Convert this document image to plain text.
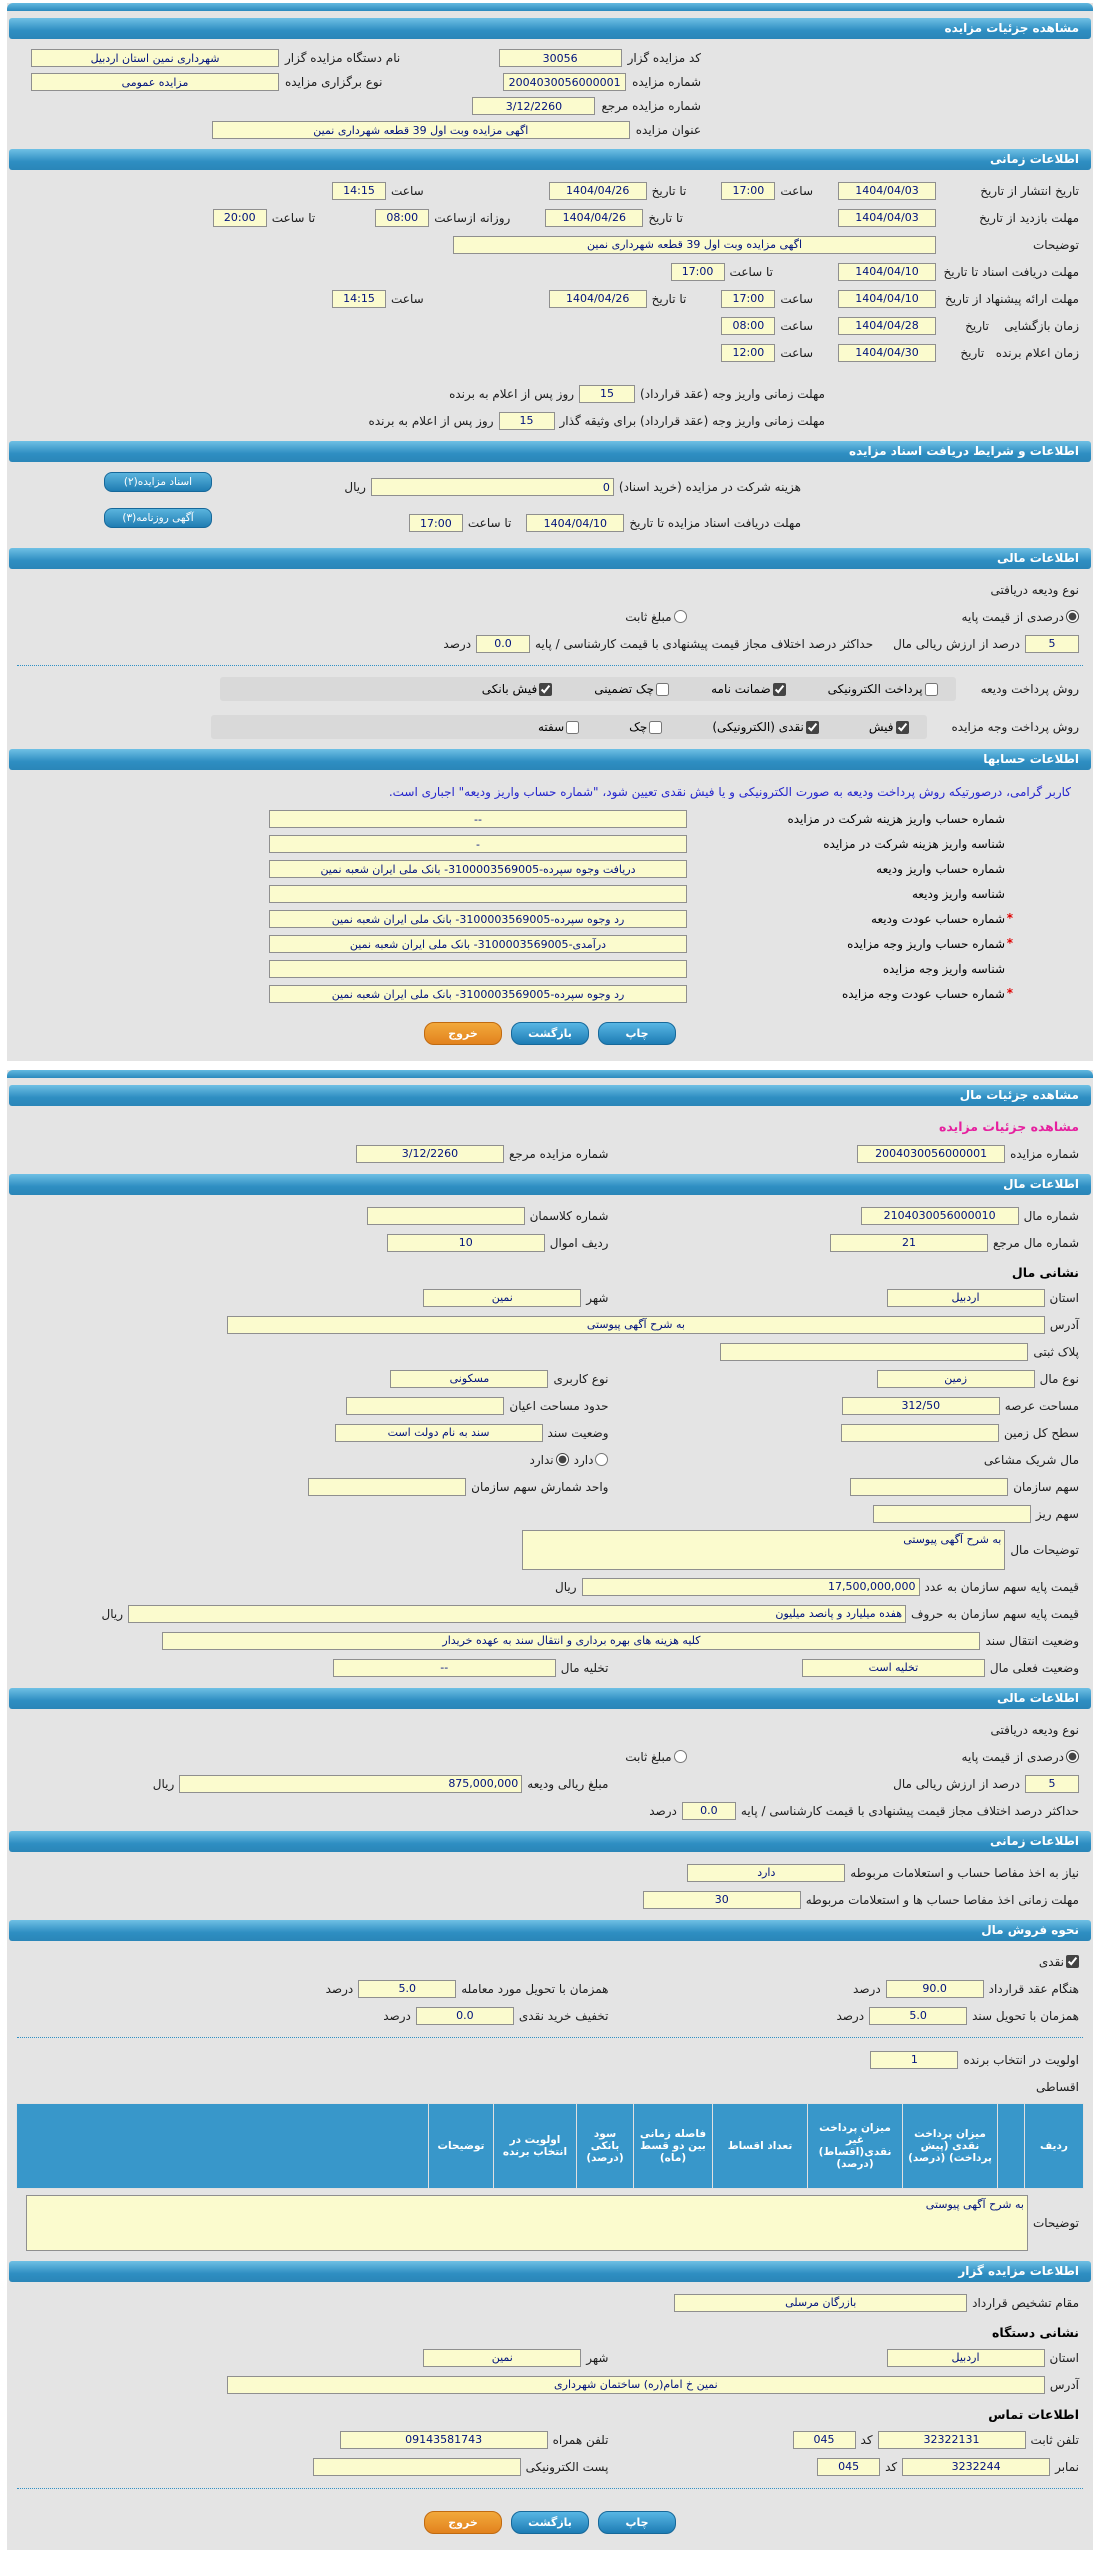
مشاهده جزئیات مزایده
کد مزایده گزار
30056
نام دستگاه مزایده گزار
شهرداری نمین استان اردبیل
شماره مزایده
2004030056000001
نوع برگزاری مزایده
مزایده عمومی
شماره مزایده مرجع
3/12/2260
عنوان مزایده
اگهی مزایده وبت اول 39 قطعه شهرداری نمین
اطلاعات زمانی
تاریخ انتشار از تاریخ
1404/04/03
ساعت
17:00
تا تاریخ
1404/04/26
ساعت
14:15
مهلت بازدید از تاریخ
1404/04/03
تا تاریخ
1404/04/26
روزانه ازساعت
08:00
تا ساعت
20:00
توضیحات
اگهی مزایده وبت اول 39 قطعه شهرداری نمین
مهلت دریافت اسناد تا تاریخ
1404/04/10
تا ساعت
17:00
مهلت ارائه پیشنهاد از تاریخ
1404/04/10
ساعت
17:00
تا تاریخ
1404/04/26
ساعت
14:15
زمان بازگشایی    تاریخ
1404/04/28
ساعت
08:00
زمان اعلام برنده   تاریخ
1404/04/30
ساعت
12:00
مهلت زمانی واریز وجه (عقد قرارداد)
15
روز پس از اعلام به برنده
مهلت زمانی واریز وجه (عقد قرارداد) برای وثیقه گذار
15
روز پس از اعلام به برنده
اطلاعات و شرایط دریافت اسناد مزایده
هزینه شرکت در مزایده (خرید اسناد)
0
ریال
اسناد مزایده(۲)
مهلت دریافت اسناد مزایده تا تاریخ
1404/04/10
تا ساعت
17:00
آگهی روزنامه(۳)
اطلاعات مالی
نوع ودیعه دریافتی
درصدی از قیمت پایه
مبلغ ثابت
5
درصد از ارزش ریالی مال
حداکثر درصد اختلاف مجاز قیمت پیشنهادی با قیمت کارشناسی / پایه
0.0
درصد
روش پرداخت ودیعه
پرداخت الکترونیکی
ضمانت نامه
چک تضمینی
فیش بانکی
روش پرداخت وجه مزایده
فیش
نقدی (الکترونیکی)
چک
سفته
اطلاعات حسابها
کاربر گرامی، درصورتیکه روش پرداخت ودیعه به صورت الکترونیکی و یا فیش نقدی تعیین شود، "شماره حساب واریز ودیعه" اجباری است.
شماره حساب واریز هزینه شرکت در مزایده
--
شناسه واریز هزینه شرکت در مزایده
-
شماره حساب واریز ودیعه
دریافت وجوه سپرده-3100003569005- بانک ملی ایران شعبه نمین
شناسه واریز ودیعه
*
شماره حساب عودت ودیعه
رد وجوه سپرده-3100003569005- بانک ملی ایران شعبه نمین
*
شماره حساب واریز وجه مزایده
درآمدی-3100003569005- بانک ملی ایران شعبه نمین
شناسه واریز وجه مزایده
*
شماره حساب عودت وجه مزایده
رد وجوه سپرده-3100003569005- بانک ملی ایران شعبه نمین
چاپ
بازگشت
خروج
مشاهده جزئیات مال
مشاهده جزئیات مزایده
شماره مزایده
2004030056000001
شماره مزایده مرجع
3/12/2260
اطلاعات مال
شماره مال
2104030056000010
شماره کلاسمان
شماره مال مرجع
21
ردیف اموال
10
نشانی مال
استان
اردبیل
شهر
نمین
آدرس
به شرح آگهی پیوستی
پلاک ثبتی
نوع مال
زمین
نوع کاربری
مسکونی
مساحت عرصه
312/50
حدود مساحت اعیان
سطح کل زمین
وضعیت سند
سند به نام دولت است
مال شریک مشاعی
دارد
ندارد
سهم سازمان
واحد شمارش سهم سازمان
سهم ریز
توضیحات مال
به شرح آگهی پیوستی
قیمت پایه سهم سازمان به عدد
17,500,000,000
ریال
قیمت پایه سهم سازمان به حروف
هفده میلیارد و پانصد میلیون
ریال
وضعیت انتقال سند
کلیه هزینه های بهره برداری و انتقال سند به عهده خریدار
وضعیت فعلی مال
تخلیه است
تخلیه مال
--
اطلاعات مالی
نوع ودیعه دریافتی
درصدی از قیمت پایه
مبلغ ثابت
5
درصد از ارزش ریالی مال
مبلغ ریالی ودیعه
875,000,000
ریال
حداکثر درصد اختلاف مجاز قیمت پیشنهادی با قیمت کارشناسی / پایه
0.0
درصد
اطلاعات زمانی
نیاز به اخذ مفاصا حساب و استعلامات مربوطه
دارد
مهلت زمانی اخذ مفاصا حساب ها و استعلامات مربوطه
30
نحوه فروش مال
نقدی
هنگام عقد قرارداد
90.0
درصد
همزمان با تحویل مورد معامله
5.0
درصد
همزمان با تحویل سند
5.0
درصد
تخفیف خرید نقدی
0.0
درصد
اولویت در انتخاب برنده
1
اقساطی
ردیف		میزان پرداخت نقدی (پیش پرداخت) (درصد)	میزان پرداخت غیر نقدی(اقساط) (درصد)	تعداد اقساط	فاصله زمانی بین دو قسط (ماه)	سود بانکی (درصد)	اولویت در انتخاب برنده	توضیحات	
توضیحات
به شرح آگهی پیوستی
اطلاعات مزایده گزار
مقام تشخیص قرارداد
بازرگان مرسلی
نشانی دستگاه
استان
اردبیل
شهر
نمین
آدرس
نمین خ امام(ره) ساختمان شهرداری
اطلاعات تماس
تلفن ثابت
32322131
کد
045
تلفن همراه
09143581743
نمابر
3232244
کد
045
پست الکترونیکی
چاپ
بازگشت
خروج
